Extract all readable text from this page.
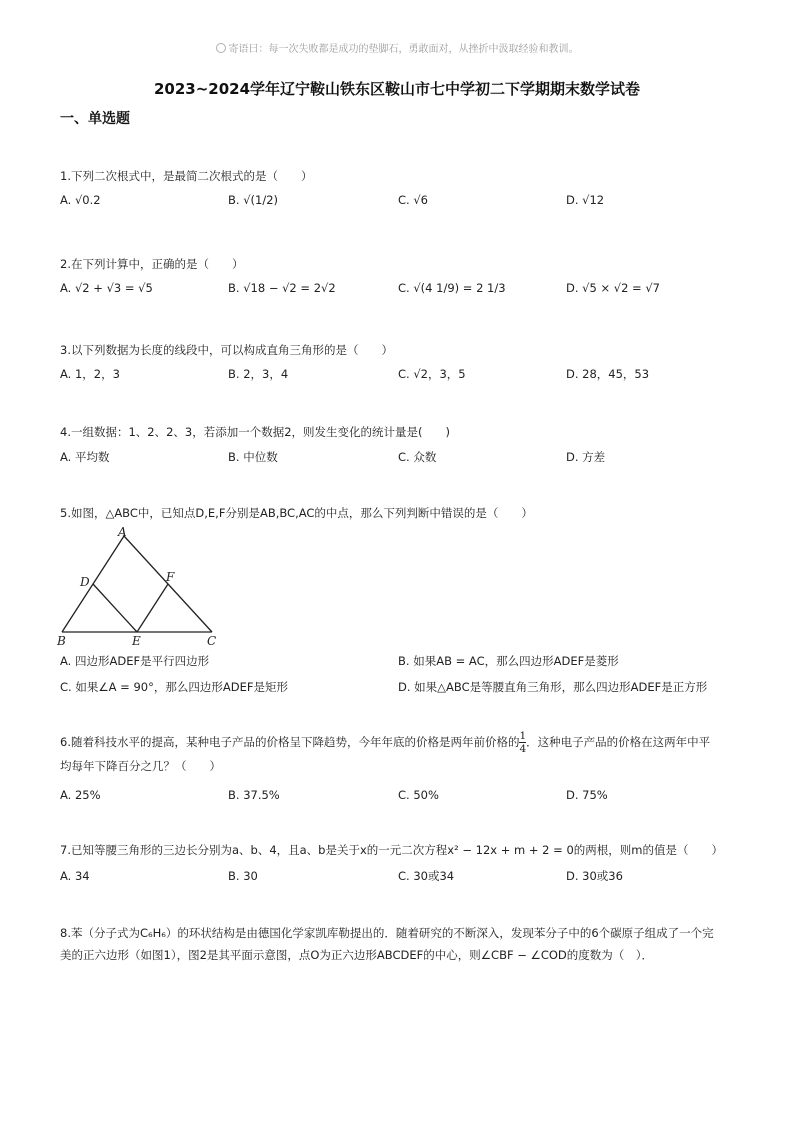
寄语曰：每一次失败都是成功的垫脚石，勇敢面对，从挫折中汲取经验和教训。
2023~2024学年辽宁鞍山铁东区鞍山市七中学初二下学期期末数学试卷
一、单选题
1.下列二次根式中，是最简二次根式的是（　　）
A. √0.2	B. √(1/2)	C. √6	D. √12
2.在下列计算中，正确的是（　　）
A. √2 + √3 = √5	B. √18 − √2 = 2√2	C. √(4 1/9) = 2 1/3	D. √5 × √2 = √7
3.以下列数据为长度的线段中，可以构成直角三角形的是（　　）
A. 1，2，3	B. 2，3，4	C. √2，3，5	D. 28，45，53
4.一组数据：1、2、2、3，若添加一个数据2，则发生变化的统计量是(　　)
A. 平均数	B. 中位数	C. 众数	D. 方差
5.如图，△ABC中，已知点D,E,F分别是AB,BC,AC的中点，那么下列判断中错误的是（　　）
A
D	F
B	E	C
A. 四边形ADEF是平行四边形	B. 如果AB = AC，那么四边形ADEF是菱形
C. 如果∠A = 90°，那么四边形ADEF是矩形	D. 如果△ABC是等腰直角三角形，那么四边形ADEF是正方形
6.随着科技水平的提高，某种电子产品的价格呈下降趋势，今年年底的价格是两年前价格的 $\frac{1}{4}$ ．这种电子产品的价格在这两年中平均每年下降百分之几？（　　）
A. 25%	B. 37.5%	C. 50%	D. 75%
7.已知等腰三角形的三边长分别为a、b、4，且a、b是关于x的一元二次方程x² − 12x + m + 2 = 0的两根，则m的值是（　　）
A. 34	B. 30	C. 30或34	D. 30或36
8.苯（分子式为C₆H₆）的环状结构是由德国化学家凯库勒提出的．随着研究的不断深入，发现苯分子中的6个碳原子组成了一个完美的正六边形（如图1），图2是其平面示意图，点O为正六边形ABCDEF的中心，则∠CBF − ∠COD的度数为（　）．
